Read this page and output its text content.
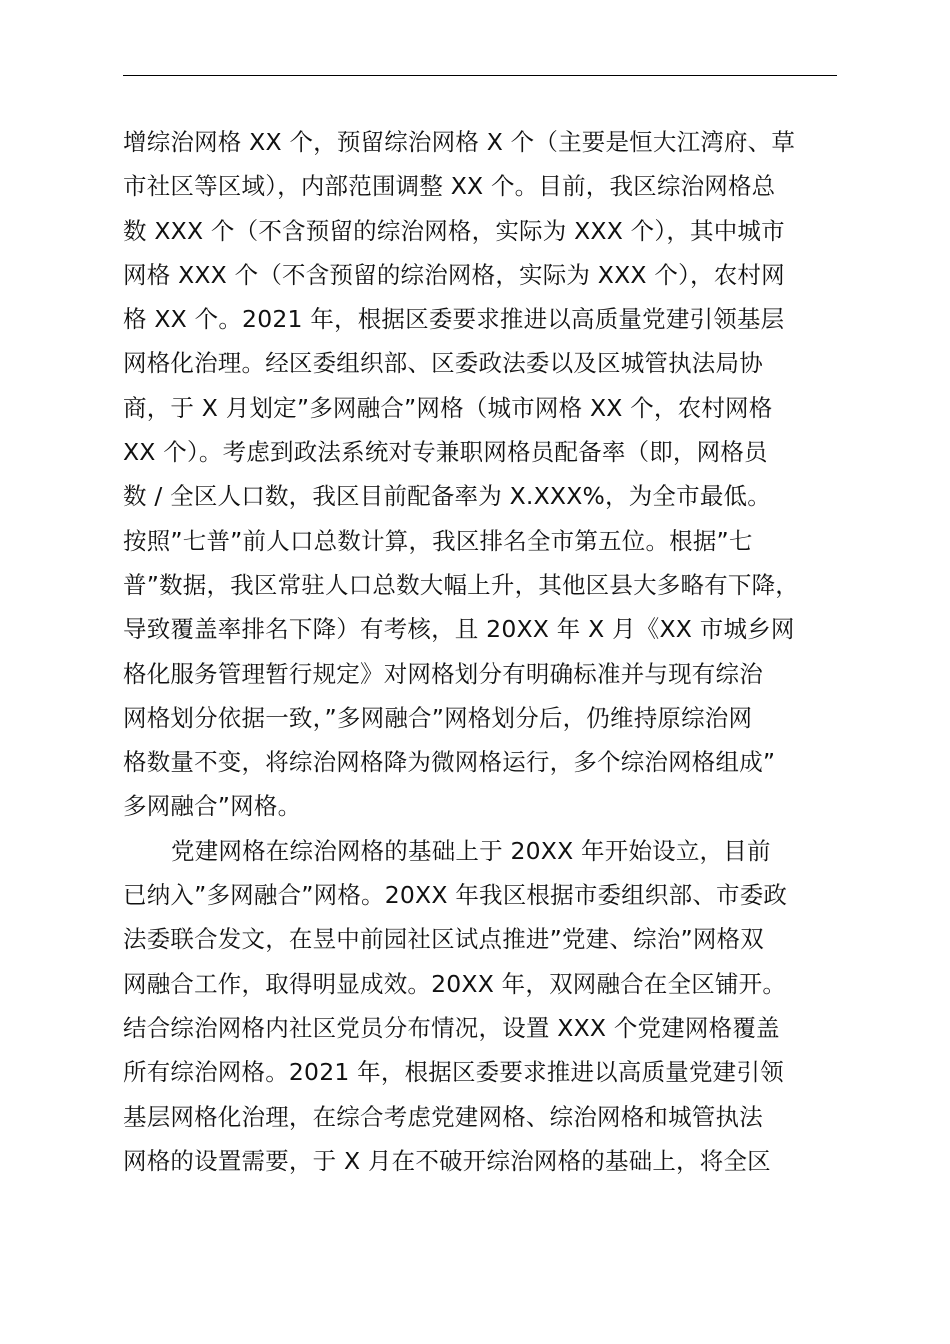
增综治网格 XX 个，预留综治网格 X 个（主要是恒大江湾府、草
市社区等区域），内部范围调整 XX 个。目前，我区综治网格总
数 XXX 个（不含预留的综治网格，实际为 XXX 个），其中城市
网格 XXX 个（不含预留的综治网格，实际为 XXX 个），农村网
格 XX 个。2021 年，根据区委要求推进以高质量党建引领基层
网格化治理。经区委组织部、区委政法委以及区城管执法局协
商，于 X 月划定”多网融合”网格（城市网格 XX 个，农村网格
XX 个）。考虑到政法系统对专兼职网格员配备率（即，网格员
数 / 全区人口数，我区目前配备率为 X.XXX%，为全市最低。
按照”七普”前人口总数计算，我区排名全市第五位。根据”七
普”数据，我区常驻人口总数大幅上升，其他区县大多略有下降，
导致覆盖率排名下降）有考核，且 20XX 年 X 月《XX 市城乡网
格化服务管理暂行规定》对网格划分有明确标准并与现有综治
网格划分依据一致，”多网融合”网格划分后，仍维持原综治网
格数量不变，将综治网格降为微网格运行，多个综治网格组成”
多网融合”网格。
党建网格在综治网格的基础上于 20XX 年开始设立，目前
已纳入”多网融合”网格。20XX 年我区根据市委组织部、市委政
法委联合发文，在昱中前园社区试点推进”党建、综治”网格双
网融合工作，取得明显成效。20XX 年，双网融合在全区铺开。
结合综治网格内社区党员分布情况，设置 XXX 个党建网格覆盖
所有综治网格。2021 年，根据区委要求推进以高质量党建引领
基层网格化治理，在综合考虑党建网格、综治网格和城管执法
网格的设置需要，于 X 月在不破开综治网格的基础上，将全区
